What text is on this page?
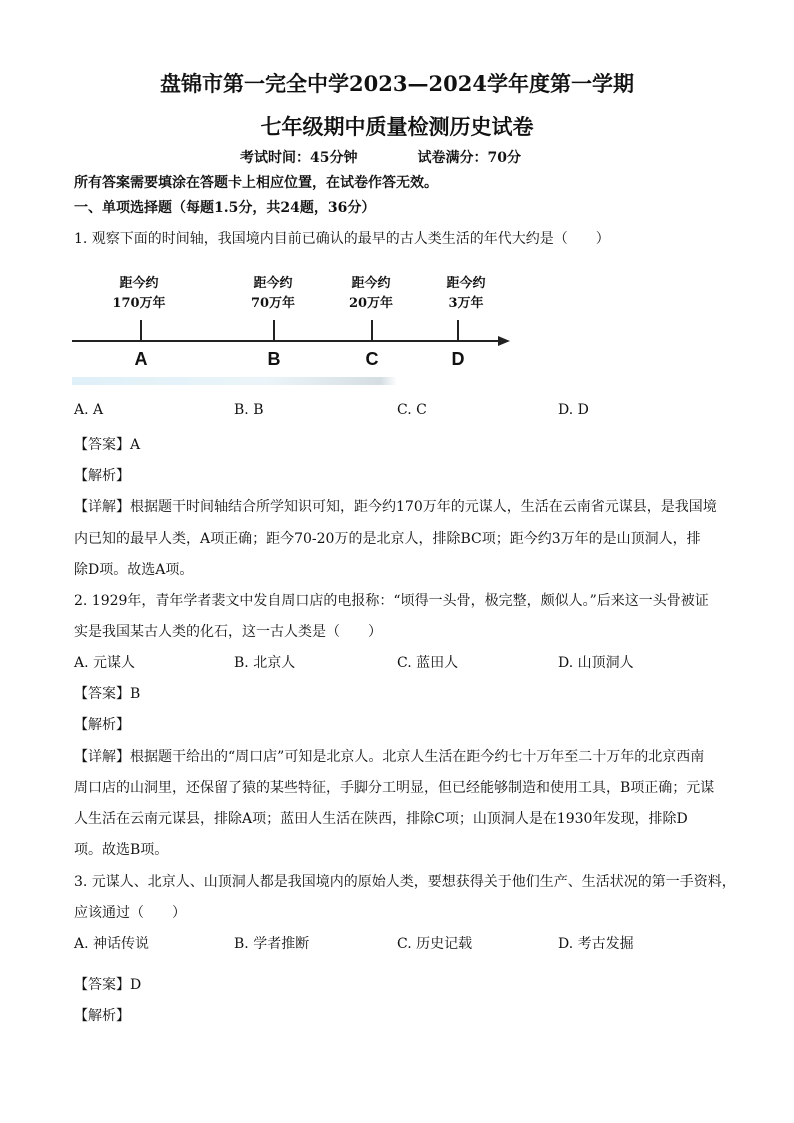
盘锦市第一完全中学2023—2024学年度第一学期
七年级期中质量检测历史试卷
考试时间：45分钟	试卷满分：70分
所有答案需要填涂在答题卡上相应位置，在试卷作答无效。
一、单项选择题（每题1.5分，共24题，36分）
1. 观察下面的时间轴，我国境内目前已确认的最早的古人类生活的年代大约是（　　）
距今约
170万年
距今约
70万年
距今约
20万年
距今约
3万年
A	B	C	D
A. A	B. B	C. C	D. D
【答案】A
【解析】
【详解】根据题干时间轴结合所学知识可知，距今约170万年的元谋人，生活在云南省元谋县，是我国境
内已知的最早人类，A项正确；距今70-20万的是北京人，排除BC项；距今约3万年的是山顶洞人，排
除D项。故选A项。
2. 1929年，青年学者裴文中发自周口店的电报称：“顷得一头骨，极完整，颇似人。”后来这一头骨被证
实是我国某古人类的化石，这一古人类是（　　）
A. 元谋人	B. 北京人	C. 蓝田人	D. 山顶洞人
【答案】B
【解析】
【详解】根据题干给出的“周口店”可知是北京人。北京人生活在距今约七十万年至二十万年的北京西南
周口店的山洞里，还保留了猿的某些特征，手脚分工明显，但已经能够制造和使用工具，B项正确；元谋
人生活在云南元谋县，排除A项；蓝田人生活在陕西，排除C项；山顶洞人是在1930年发现，排除D
项。故选B项。
3. 元谋人、北京人、山顶洞人都是我国境内的原始人类，要想获得关于他们生产、生活状况的第一手资料，
应该通过（　　）
A. 神话传说	B. 学者推断	C. 历史记载	D. 考古发掘
【答案】D
【解析】
